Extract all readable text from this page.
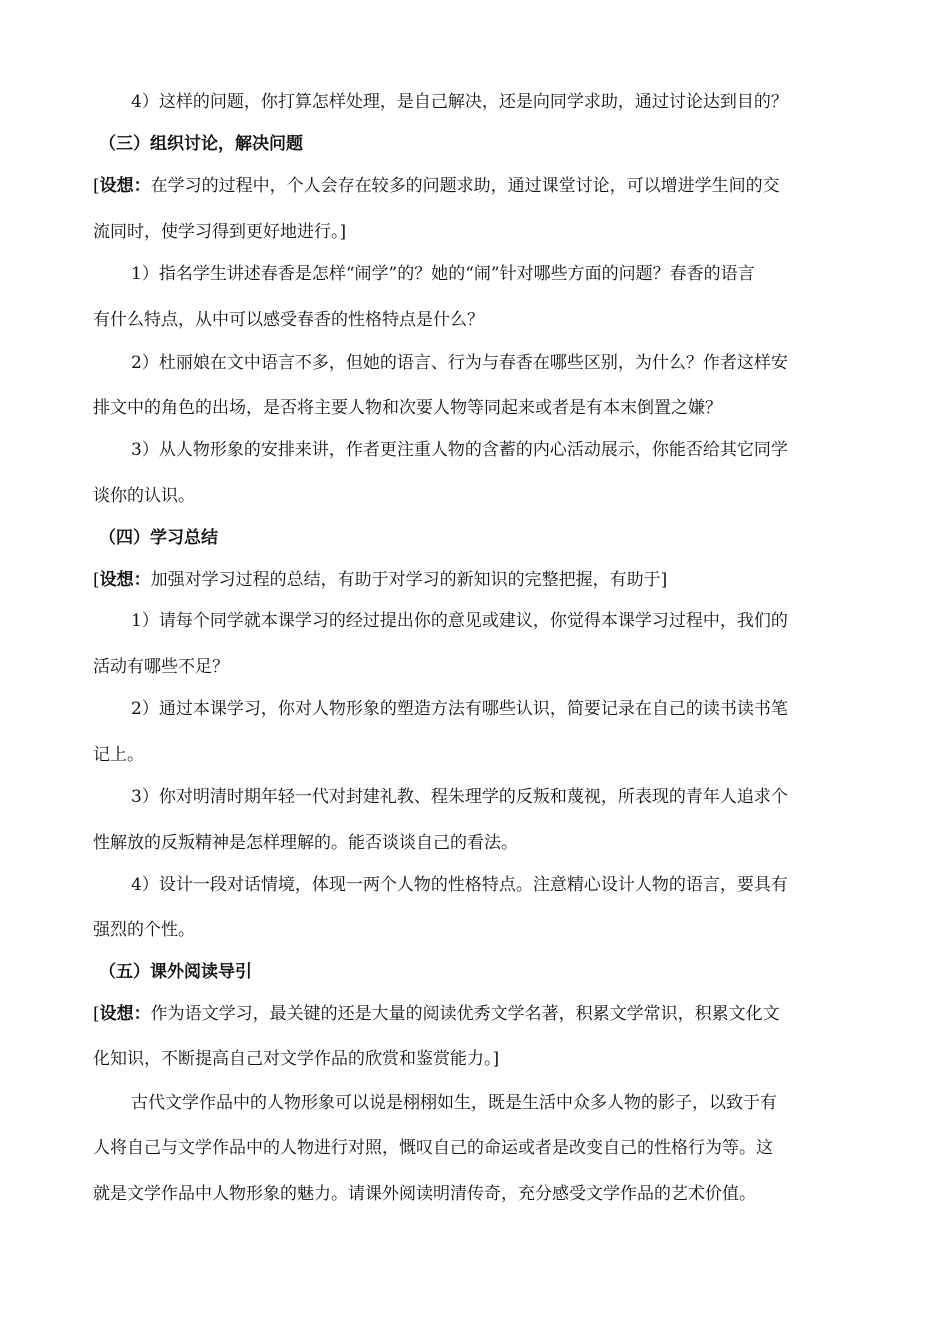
4）这样的问题，你打算怎样处理，是自己解决，还是向同学求助，通过讨论达到目的？
（三）组织讨论，解决问题
[设想：在学习的过程中，个人会存在较多的问题求助，通过课堂讨论，可以增进学生间的交
流同时，使学习得到更好地进行。]
1）指名学生讲述春香是怎样“闹学”的？她的“闹”针对哪些方面的问题？春香的语言
有什么特点，从中可以感受春香的性格特点是什么？
2）杜丽娘在文中语言不多，但她的语言、行为与春香在哪些区别，为什么？作者这样安
排文中的角色的出场，是否将主要人物和次要人物等同起来或者是有本末倒置之嫌？
3）从人物形象的安排来讲，作者更注重人物的含蓄的内心活动展示，你能否给其它同学
谈你的认识。
（四）学习总结
[设想：加强对学习过程的总结，有助于对学习的新知识的完整把握，有助于]
1）请每个同学就本课学习的经过提出你的意见或建议，你觉得本课学习过程中，我们的
活动有哪些不足？
2）通过本课学习，你对人物形象的塑造方法有哪些认识，简要记录在自己的读书读书笔
记上。
3）你对明清时期年轻一代对封建礼教、程朱理学的反叛和蔑视，所表现的青年人追求个
性解放的反叛精神是怎样理解的。能否谈谈自己的看法。
4）设计一段对话情境，体现一两个人物的性格特点。注意精心设计人物的语言，要具有
强烈的个性。
（五）课外阅读导引
[设想：作为语文学习，最关键的还是大量的阅读优秀文学名著，积累文学常识，积累文化文
化知识，不断提高自己对文学作品的欣赏和鉴赏能力。]
古代文学作品中的人物形象可以说是栩栩如生，既是生活中众多人物的影子，以致于有
人将自己与文学作品中的人物进行对照，慨叹自己的命运或者是改变自己的性格行为等。这
就是文学作品中人物形象的魅力。请课外阅读明清传奇，充分感受文学作品的艺术价值。
